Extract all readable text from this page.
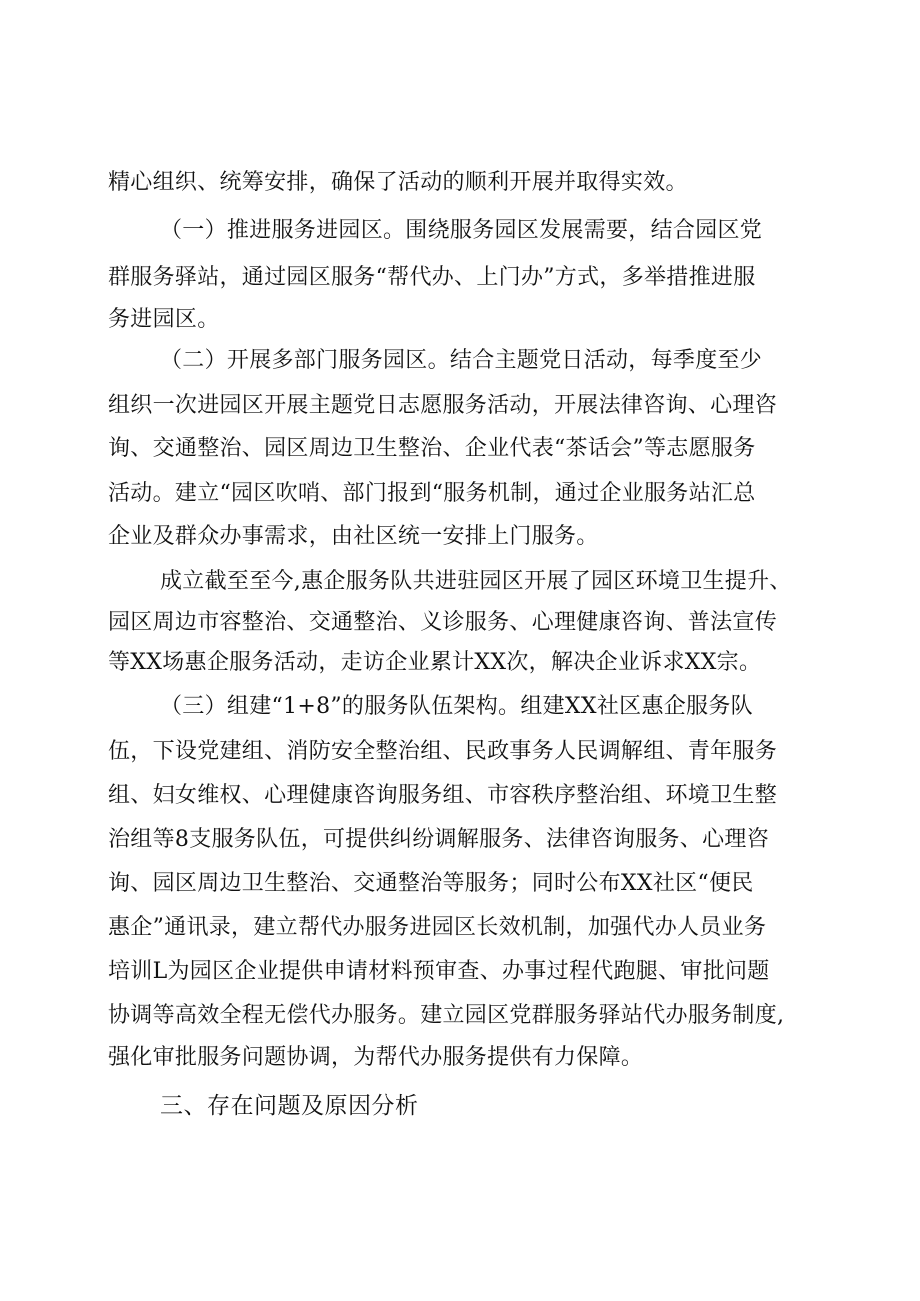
精心组织、统筹安排，确保了活动的顺利开展并取得实效。
（一）推进服务进园区。围绕服务园区发展需要，结合园区党
群服务驿站，通过园区服务“帮代办、上门办”方式，多举措推进服
务进园区。
（二）开展多部门服务园区。结合主题党日活动，每季度至少
组织一次进园区开展主题党日志愿服务活动，开展法律咨询、心理咨
询、交通整治、园区周边卫生整治、企业代表“茶话会”等志愿服务
活动。建立“园区吹哨、部门报到“服务机制，通过企业服务站汇总
企业及群众办事需求，由社区统一安排上门服务。
成立截至至今,惠企服务队共进驻园区开展了园区环境卫生提升、
园区周边市容整治、交通整治、义诊服务、心理健康咨询、普法宣传
等XX场惠企服务活动，走访企业累计XX次，解决企业诉求XX宗。
（三）组建“1+8”的服务队伍架构。组建XX社区惠企服务队
伍，下设党建组、消防安全整治组、民政事务人民调解组、青年服务
组、妇女维权、心理健康咨询服务组、市容秩序整治组、环境卫生整
治组等8支服务队伍，可提供纠纷调解服务、法律咨询服务、心理咨
询、园区周边卫生整治、交通整治等服务；同时公布XX社区“便民
惠企”通讯录，建立帮代办服务进园区长效机制，加强代办人员业务
培训L为园区企业提供申请材料预审查、办事过程代跑腿、审批问题
协调等高效全程无偿代办服务。建立园区党群服务驿站代办服务制度,
强化审批服务问题协调，为帮代办服务提供有力保障。
三、存在问题及原因分析
